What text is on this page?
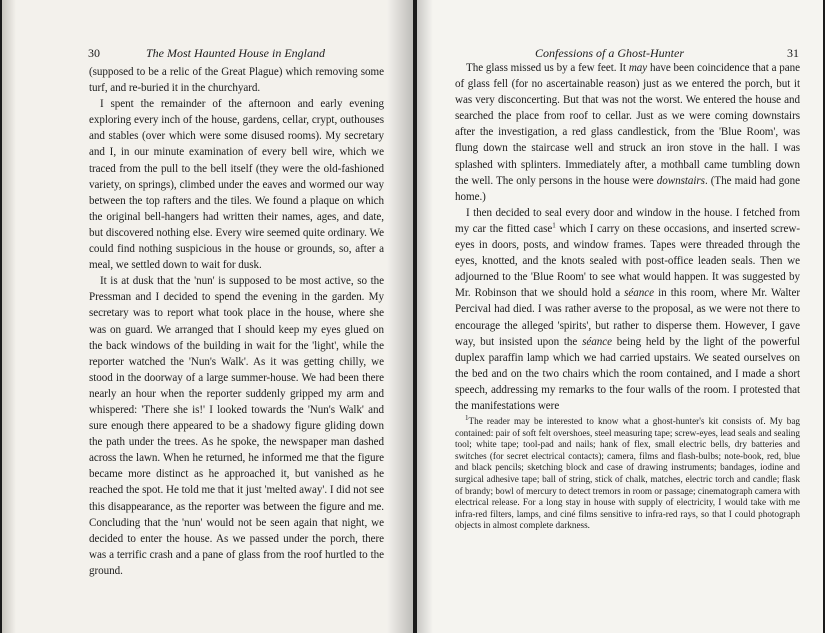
30	The Most Haunted House in England

(supposed to be a relic of the Great Plague) which removing some turf, and re-buried it in the churchyard.

I spent the remainder of the afternoon and early evening exploring every inch of the house, gardens, cellar, crypt, outhouses and stables (over which were some disused rooms). My secretary and I, in our minute examination of every bell wire, which we traced from the pull to the bell itself (they were the old-fashioned variety, on springs), climbed under the eaves and wormed our way between the top rafters and the tiles. We found a plaque on which the original bell-hangers had written their names, ages, and date, but discovered nothing else. Every wire seemed quite ordinary. We could find nothing suspicious in the house or grounds, so, after a meal, we settled down to wait for dusk.

It is at dusk that the 'nun' is supposed to be most active, so the Pressman and I decided to spend the evening in the garden. My secretary was to report what took place in the house, where she was on guard. We arranged that I should keep my eyes glued on the back windows of the building in wait for the 'light', while the reporter watched the 'Nun's Walk'. As it was getting chilly, we stood in the doorway of a large summer-house. We had been there nearly an hour when the reporter suddenly gripped my arm and whispered: 'There she is!' I looked towards the 'Nun's Walk' and sure enough there appeared to be a shadowy figure gliding down the path under the trees. As he spoke, the newspaper man dashed across the lawn. When he returned, he informed me that the figure became more distinct as he approached it, but vanished as he reached the spot. He told me that it just 'melted away'. I did not see this disappearance, as the reporter was between the figure and me. Concluding that the 'nun' would not be seen again that night, we decided to enter the house. As we passed under the porch, there was a terrific crash and a pane of glass from the roof hurtled to the ground.

Confessions of a Ghost-Hunter	31

The glass missed us by a few feet. It may have been coincidence that a pane of glass fell (for no ascertainable reason) just as we entered the porch, but it was very disconcerting. But that was not the worst. We entered the house and searched the place from roof to cellar. Just as we were coming downstairs after the investigation, a red glass candlestick, from the 'Blue Room', was flung down the staircase well and struck an iron stove in the hall. I was splashed with splinters. Immediately after, a mothball came tumbling down the well. The only persons in the house were downstairs. (The maid had gone home.)

I then decided to seal every door and window in the house. I fetched from my car the fitted case$^1$ which I carry on these occasions, and inserted screw-eyes in doors, posts, and window frames. Tapes were threaded through the eyes, knotted, and the knots sealed with post-office leaden seals. Then we adjourned to the 'Blue Room' to see what would happen. It was suggested by Mr. Robinson that we should hold a séance in this room, where Mr. Walter Percival had died. I was rather averse to the proposal, as we were not there to encourage the alleged 'spirits', but rather to disperse them. However, I gave way, but insisted upon the séance being held by the light of the powerful duplex paraffin lamp which we had carried upstairs. We seated ourselves on the bed and on the two chairs which the room contained, and I made a short speech, addressing my remarks to the four walls of the room. I protested that the manifestations were

$^1$The reader may be interested to know what a ghost-hunter's kit consists of. My bag contained: pair of soft felt overshoes, steel measuring tape; screw-eyes, lead seals and sealing tool; white tape; tool-pad and nails; hank of flex, small electric bells, dry batteries and switches (for secret electrical contacts); camera, films and flash-bulbs; note-book, red, blue and black pencils; sketching block and case of drawing instruments; bandages, iodine and surgical adhesive tape; ball of string, stick of chalk, matches, electric torch and candle; flask of brandy; bowl of mercury to detect tremors in room or passage; cinematograph camera with electrical release. For a long stay in house with supply of electricity, I would take with me infra-red filters, lamps, and ciné films sensitive to infra-red rays, so that I could photograph objects in almost complete darkness.
